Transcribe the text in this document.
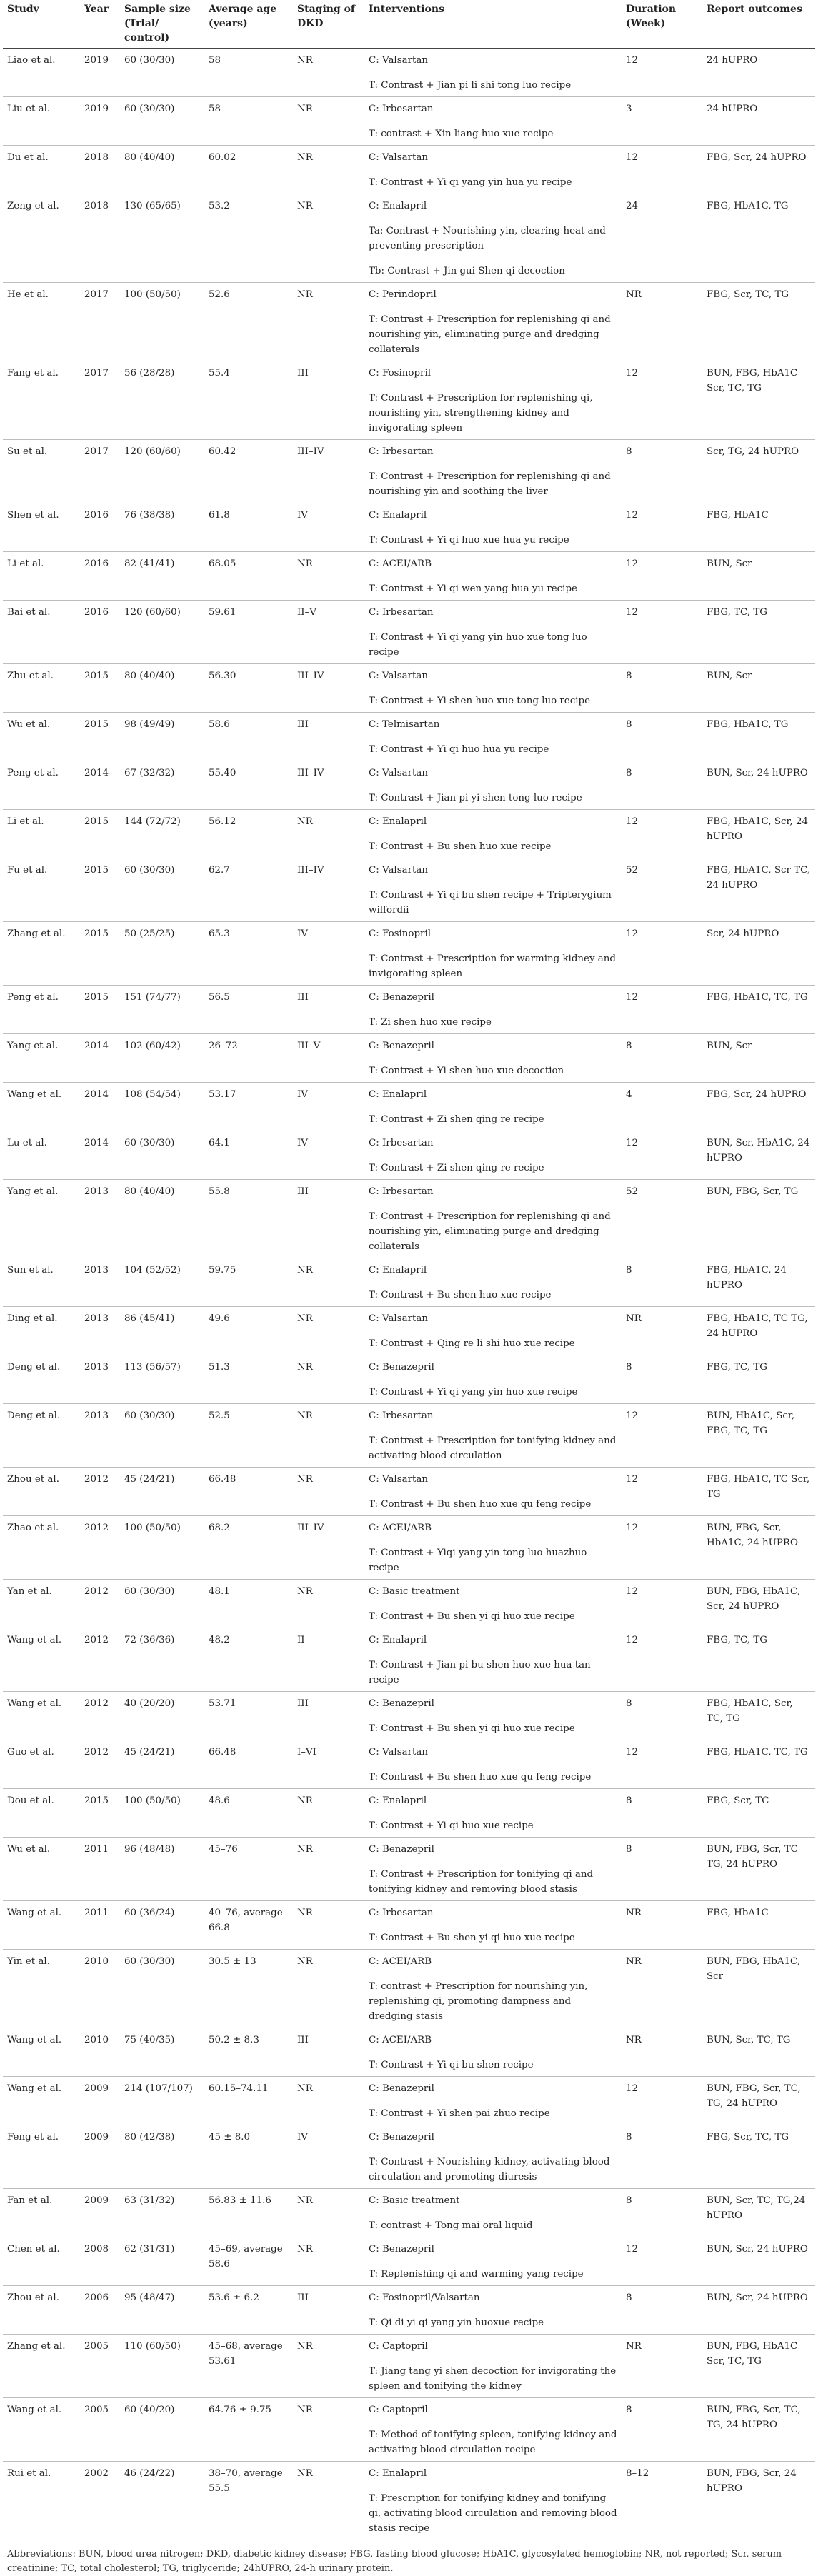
Study	Year	Sample size (Trial/ control)	Average age (years)	Staging of DKD	Interventions	Duration (Week)	Report outcomes
Liao et al.	2019	60 (30/30)	58	NR	C: Valsartan
T: Contrast + Jian pi li shi tong luo recipe	12	24 hUPRO
Liu et al.	2019	60 (30/30)	58	NR	C: Irbesartan
T: contrast + Xin liang huo xue recipe	3	24 hUPRO
Du et al.	2018	80 (40/40)	60.02	NR	C: Valsartan
T: Contrast + Yi qi yang yin hua yu recipe	12	FBG, Scr, 24 hUPRO
Zeng et al.	2018	130 (65/65)	53.2	NR	C: Enalapril
Ta: Contrast + Nourishing yin, clearing heat and preventing prescription
Tb: Contrast + Jin gui Shen qi decoction	24	FBG, HbA1C, TG
He et al.	2017	100 (50/50)	52.6	NR	C: Perindopril
T: Contrast + Prescription for replenishing qi and nourishing yin, eliminating purge and dredging collaterals	NR	FBG, Scr, TC, TG
Fang et al.	2017	56 (28/28)	55.4	III	C: Fosinopril
T: Contrast + Prescription for replenishing qi, nourishing yin, strengthening kidney and invigorating spleen	12	BUN, FBG, HbA1C Scr, TC, TG
Su et al.	2017	120 (60/60)	60.42	III–IV	C: Irbesartan
T: Contrast + Prescription for replenishing qi and nourishing yin and soothing the liver	8	Scr, TG, 24 hUPRO
Shen et al.	2016	76 (38/38)	61.8	IV	C: Enalapril
T: Contrast + Yi qi huo xue hua yu recipe	12	FBG, HbA1C
Li et al.	2016	82 (41/41)	68.05	NR	C: ACEI/ARB
T: Contrast + Yi qi wen yang hua yu recipe	12	BUN, Scr
Bai et al.	2016	120 (60/60)	59.61	II–V	C: Irbesartan
T: Contrast + Yi qi yang yin huo xue tong luo recipe	12	FBG, TC, TG
Zhu et al.	2015	80 (40/40)	56.30	III–IV	C: Valsartan
T: Contrast + Yi shen huo xue tong luo recipe	8	BUN, Scr
Wu et al.	2015	98 (49/49)	58.6	III	C: Telmisartan
T: Contrast + Yi qi huo hua yu recipe	8	FBG, HbA1C, TG
Peng et al.	2014	67 (32/32)	55.40	III–IV	C: Valsartan
T: Contrast + Jian pi yi shen tong luo recipe	8	BUN, Scr, 24 hUPRO
Li et al.	2015	144 (72/72)	56.12	NR	C: Enalapril
T: Contrast + Bu shen huo xue recipe	12	FBG, HbA1C, Scr, 24 hUPRO
Fu et al.	2015	60 (30/30)	62.7	III–IV	C: Valsartan
T: Contrast + Yi qi bu shen recipe + Tripterygium wilfordii	52	FBG, HbA1C, Scr TC, 24 hUPRO
Zhang et al.	2015	50 (25/25)	65.3	IV	C: Fosinopril
T: Contrast + Prescription for warming kidney and invigorating spleen	12	Scr, 24 hUPRO
Peng et al.	2015	151 (74/77)	56.5	III	C: Benazepril
T: Zi shen huo xue recipe	12	FBG, HbA1C, TC, TG
Yang et al.	2014	102 (60/42)	26–72	III–V	C: Benazepril
T: Contrast + Yi shen huo xue decoction	8	BUN, Scr
Wang et al.	2014	108 (54/54)	53.17	IV	C: Enalapril
T: Contrast + Zi shen qing re recipe	4	FBG, Scr, 24 hUPRO
Lu et al.	2014	60 (30/30)	64.1	IV	C: Irbesartan
T: Contrast + Zi shen qing re recipe	12	BUN, Scr, HbA1C, 24 hUPRO
Yang et al.	2013	80 (40/40)	55.8	III	C: Irbesartan
T: Contrast + Prescription for replenishing qi and nourishing yin, eliminating purge and dredging collaterals	52	BUN, FBG, Scr, TG
Sun et al.	2013	104 (52/52)	59.75	NR	C: Enalapril
T: Contrast + Bu shen huo xue recipe	8	FBG, HbA1C, 24 hUPRO
Ding et al.	2013	86 (45/41)	49.6	NR	C: Valsartan
T: Contrast + Qing re li shi huo xue recipe	NR	FBG, HbA1C, TC TG, 24 hUPRO
Deng et al.	2013	113 (56/57)	51.3	NR	C: Benazepril
T: Contrast + Yi qi yang yin huo xue recipe	8	FBG, TC, TG
Deng et al.	2013	60 (30/30)	52.5	NR	C: Irbesartan
T: Contrast + Prescription for tonifying kidney and activating blood circulation	12	BUN, HbA1C, Scr, FBG, TC, TG
Zhou et al.	2012	45 (24/21)	66.48	NR	C: Valsartan
T: Contrast + Bu shen huo xue qu feng recipe	12	FBG, HbA1C, TC Scr, TG
Zhao et al.	2012	100 (50/50)	68.2	III–IV	C: ACEI/ARB
T: Contrast + Yiqi yang yin tong luo huazhuo recipe	12	BUN, FBG, Scr, HbA1C, 24 hUPRO
Yan et al.	2012	60 (30/30)	48.1	NR	C: Basic treatment
T: Contrast + Bu shen yi qi huo xue recipe	12	BUN, FBG, HbA1C, Scr, 24 hUPRO
Wang et al.	2012	72 (36/36)	48.2	II	C: Enalapril
T: Contrast + Jian pi bu shen huo xue hua tan recipe	12	FBG, TC, TG
Wang et al.	2012	40 (20/20)	53.71	III	C: Benazepril
T: Contrast + Bu shen yi qi huo xue recipe	8	FBG, HbA1C, Scr, TC, TG
Guo et al.	2012	45 (24/21)	66.48	I–VI	C: Valsartan
T: Contrast + Bu shen huo xue qu feng recipe	12	FBG, HbA1C, TC, TG
Dou et al.	2015	100 (50/50)	48.6	NR	C: Enalapril
T: Contrast + Yi qi huo xue recipe	8	FBG, Scr, TC
Wu et al.	2011	96 (48/48)	45–76	NR	C: Benazepril
T: Contrast + Prescription for tonifying qi and tonifying kidney and removing blood stasis	8	BUN, FBG, Scr, TC TG, 24 hUPRO
Wang et al.	2011	60 (36/24)	40–76, average 66.8	NR	C: Irbesartan
T: Contrast + Bu shen yi qi huo xue recipe	NR	FBG, HbA1C
Yin et al.	2010	60 (30/30)	30.5 ± 13	NR	C: ACEI/ARB
T: contrast + Prescription for nourishing yin, replenishing qi, promoting dampness and dredging stasis	NR	BUN, FBG, HbA1C, Scr
Wang et al.	2010	75 (40/35)	50.2 ± 8.3	III	C: ACEI/ARB
T: Contrast + Yi qi bu shen recipe	NR	BUN, Scr, TC, TG
Wang et al.	2009	214 (107/107)	60.15–74.11	NR	C: Benazepril
T: Contrast + Yi shen pai zhuo recipe	12	BUN, FBG, Scr, TC, TG, 24 hUPRO
Feng et al.	2009	80 (42/38)	45 ± 8.0	IV	C: Benazepril
T: Contrast + Nourishing kidney, activating blood circulation and promoting diuresis	8	FBG, Scr, TC, TG
Fan et al.	2009	63 (31/32)	56.83 ± 11.6	NR	C: Basic treatment
T: contrast + Tong mai oral liquid	8	BUN, Scr, TC, TG,24 hUPRO
Chen et al.	2008	62 (31/31)	45–69, average 58.6	NR	C: Benazepril
T: Replenishing qi and warming yang recipe	12	BUN, Scr, 24 hUPRO
Zhou et al.	2006	95 (48/47)	53.6 ± 6.2	III	C: Fosinopril/Valsartan
T: Qi di yi qi yang yin huoxue recipe	8	BUN, Scr, 24 hUPRO
Zhang et al.	2005	110 (60/50)	45–68, average 53.61	NR	C: Captopril
T: Jiang tang yi shen decoction for invigorating the spleen and tonifying the kidney	NR	BUN, FBG, HbA1C Scr, TC, TG
Wang et al.	2005	60 (40/20)	64.76 ± 9.75	NR	C: Captopril
T: Method of tonifying spleen, tonifying kidney and activating blood circulation recipe	8	BUN, FBG, Scr, TC, TG, 24 hUPRO
Rui et al.	2002	46 (24/22)	38–70, average 55.5	NR	C: Enalapril
T: Prescription for tonifying kidney and tonifying qi, activating blood circulation and removing blood stasis recipe	8–12	BUN, FBG, Scr, 24 hUPRO
Abbreviations: BUN, blood urea nitrogen; DKD, diabetic kidney disease; FBG, fasting blood glucose; HbA1C, glycosylated hemoglobin; NR, not reported; Scr, serum creatinine; TC, total cholesterol; TG, triglyceride; 24hUPRO, 24-h urinary protein.
